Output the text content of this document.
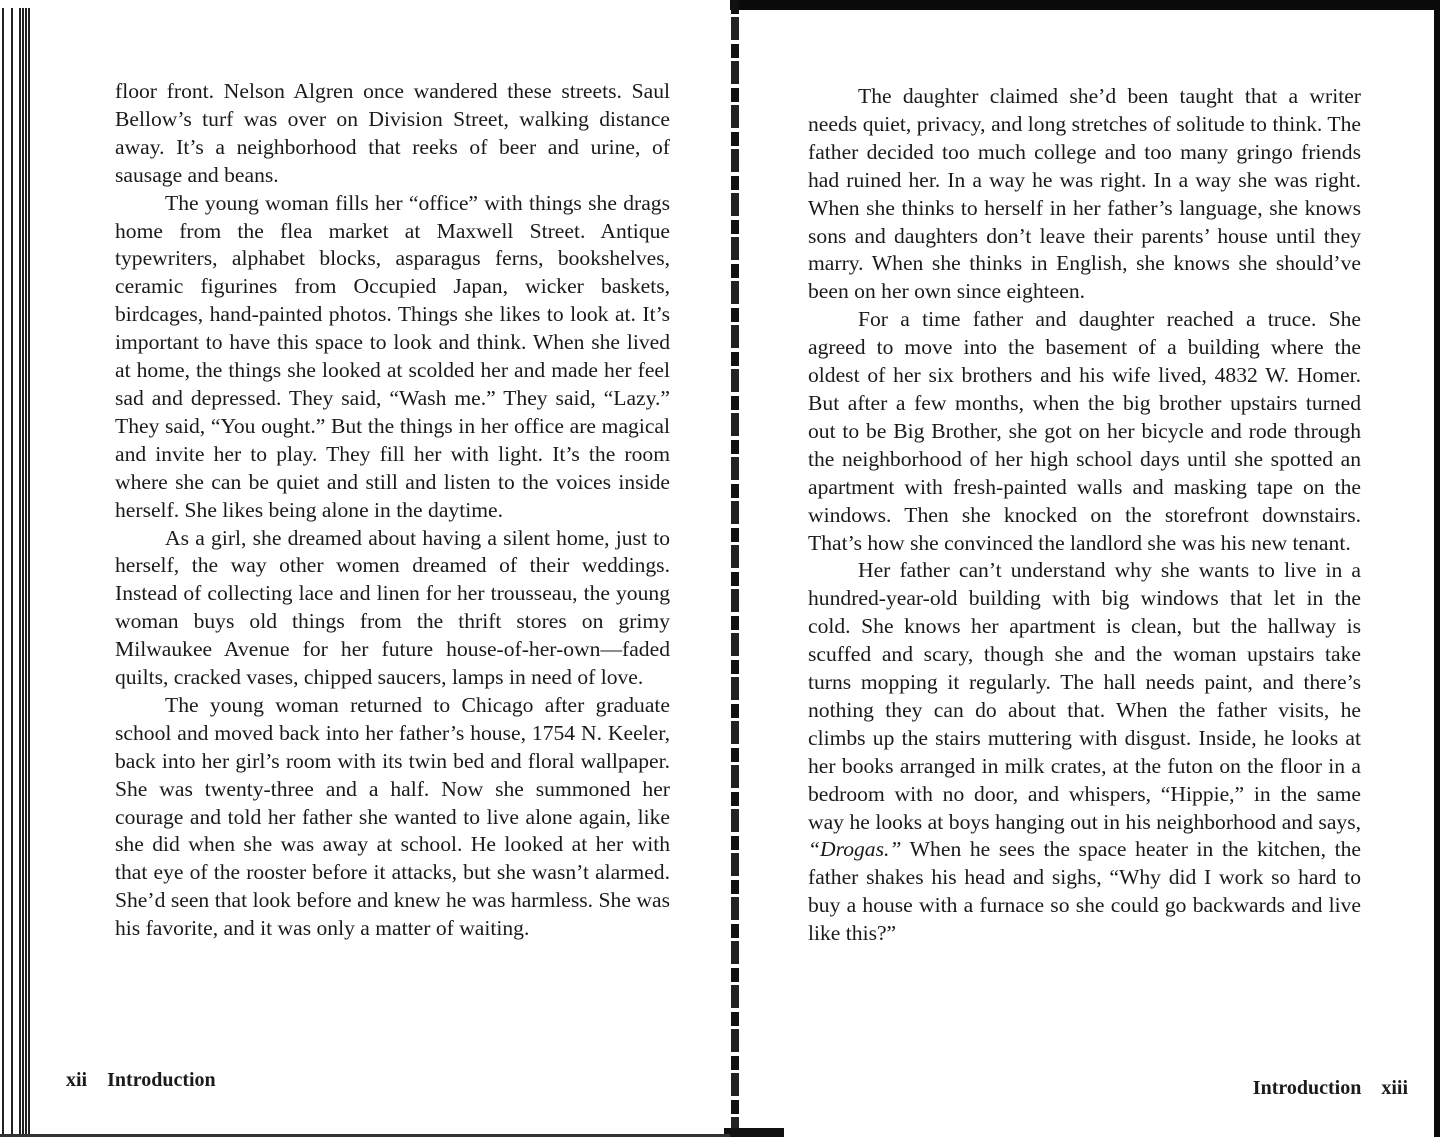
floor front. Nelson Algren once wandered these streets. Saul Bellow’s turf was over on Division Street, walking distance away. It’s a neighborhood that reeks of beer and urine, of sausage and beans.

The young woman fills her “office” with things she drags home from the flea market at Maxwell Street. Antique typewriters, alphabet blocks, asparagus ferns, bookshelves, ceramic figurines from Occupied Japan, wicker baskets, birdcages, hand-painted photos. Things she likes to look at. It’s important to have this space to look and think. When she lived at home, the things she looked at scolded her and made her feel sad and depressed. They said, “Wash me.” They said, “Lazy.” They said, “You ought.” But the things in her office are magical and invite her to play. They fill her with light. It’s the room where she can be quiet and still and listen to the voices inside herself. She likes being alone in the daytime.

As a girl, she dreamed about having a silent home, just to herself, the way other women dreamed of their weddings. Instead of collecting lace and linen for her trousseau, the young woman buys old things from the thrift stores on grimy Milwaukee Avenue for her future house-of-her-own—faded quilts, cracked vases, chipped saucers, lamps in need of love.

The young woman returned to Chicago after graduate school and moved back into her father’s house, 1754 N. Keeler, back into her girl’s room with its twin bed and floral wallpaper. She was twenty-three and a half. Now she summoned her courage and told her father she wanted to live alone again, like she did when she was away at school. He looked at her with that eye of the rooster before it attacks, but she wasn’t alarmed. She’d seen that look before and knew he was harmless. She was his favorite, and it was only a matter of waiting.

xii Introduction

The daughter claimed she’d been taught that a writer needs quiet, privacy, and long stretches of solitude to think. The father decided too much college and too many gringo friends had ruined her. In a way he was right. In a way she was right. When she thinks to herself in her father’s language, she knows sons and daughters don’t leave their parents’ house until they marry. When she thinks in English, she knows she should’ve been on her own since eighteen.

For a time father and daughter reached a truce. She agreed to move into the basement of a building where the oldest of her six brothers and his wife lived, 4832 W. Homer. But after a few months, when the big brother upstairs turned out to be Big Brother, she got on her bicycle and rode through the neighborhood of her high school days until she spotted an apartment with fresh-painted walls and masking tape on the windows. Then she knocked on the storefront downstairs. That’s how she convinced the landlord she was his new tenant.

Her father can’t understand why she wants to live in a hundred-year-old building with big windows that let in the cold. She knows her apartment is clean, but the hallway is scuffed and scary, though she and the woman upstairs take turns mopping it regularly. The hall needs paint, and there’s nothing they can do about that. When the father visits, he climbs up the stairs muttering with disgust. Inside, he looks at her books arranged in milk crates, at the futon on the floor in a bedroom with no door, and whispers, “Hippie,” in the same way he looks at boys hanging out in his neighborhood and says, “Drogas.” When he sees the space heater in the kitchen, the father shakes his head and sighs, “Why did I work so hard to buy a house with a furnace so she could go backwards and live like this?”

Introduction xiii
